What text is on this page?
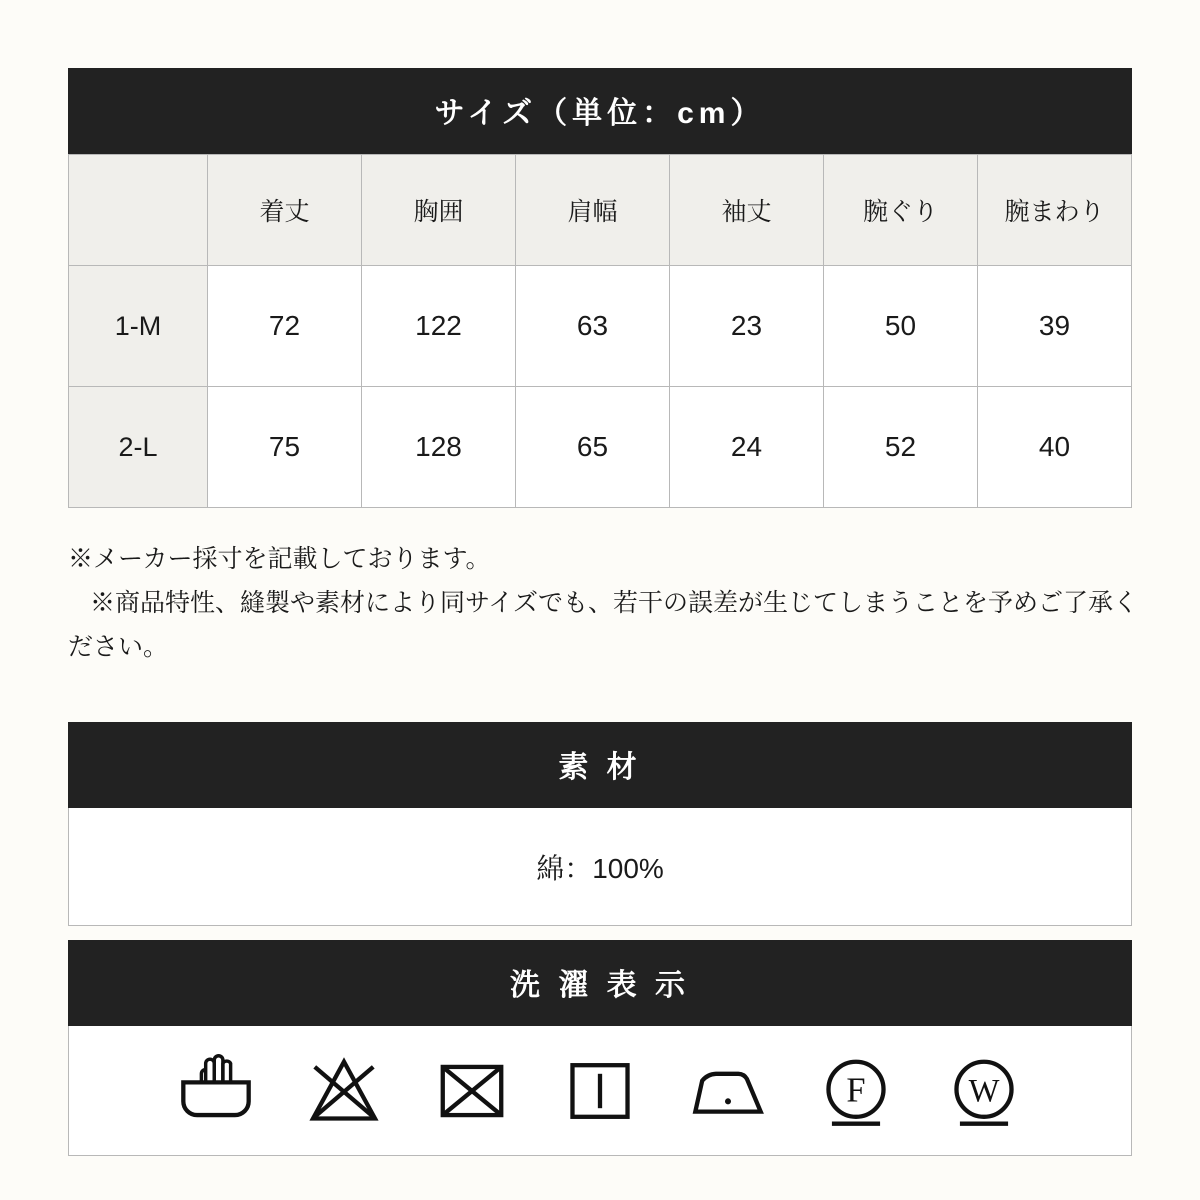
サイズ（単位：cm）
	着丈	胸囲	肩幅	袖丈	腕ぐり	腕まわり
1-M	72	122	63	23	50	39
2-L	75	128	65	24	52	40

※メーカー採寸を記載しております。

※商品特性、縫製や素材により同サイズでも、若干の誤差が生じてしまうことを予めご了承ください。

素 材
綿：100%
洗 濯 表 示
F	W
